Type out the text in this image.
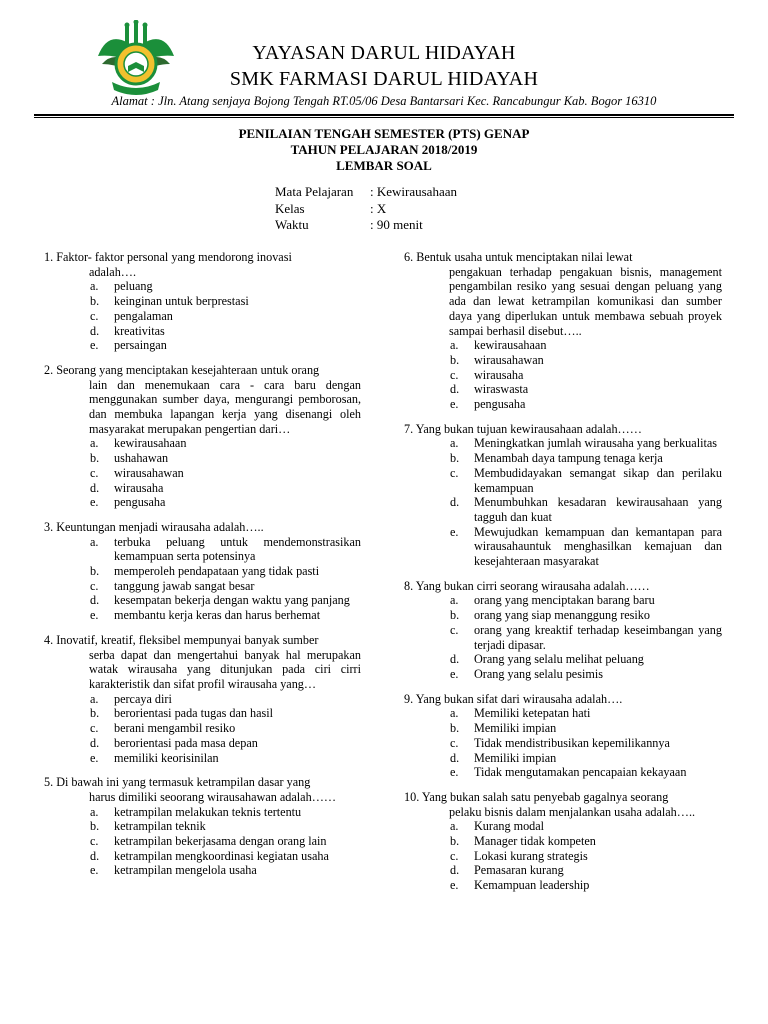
YAYASAN DARUL HIDAYAH
SMK FARMASI DARUL HIDAYAH
Alamat : Jln. Atang senjaya Bojong Tengah RT.05/06 Desa Bantarsari Kec. Rancabungur Kab. Bogor 16310
PENILAIAN TENGAH SEMESTER (PTS) GENAP
TAHUN PELAJARAN 2018/2019
LEMBAR SOAL
Mata Pelajaran	: Kewirausahaan
Kelas	: X
Waktu	: 90 menit
1. Faktor- faktor personal yang mendorong inovasi
adalah….
a.	peluang
b.	keinginan untuk berprestasi
c.	pengalaman
d.	kreativitas
e.	persaingan
2. Seorang yang menciptakan kesejahteraan untuk orang
lain dan menemukaan cara - cara baru dengan menggunakan sumber daya, mengurangi pemborosan, dan membuka lapangan kerja yang disenangi oleh masyarakat merupakan pengertian dari…
a.	kewirausahaan
b.	ushahawan
c.	wirausahawan
d.	wirausaha
e.	pengusaha
3. Keuntungan menjadi wirausaha adalah…..
a.	terbuka peluang untuk mendemonstrasikan kemampuan serta potensinya
b.	memperoleh pendapataan yang tidak pasti
c.	tanggung jawab sangat besar
d.	kesempatan bekerja dengan waktu yang panjang
e.	membantu kerja keras dan harus berhemat
4. Inovatif, kreatif, fleksibel mempunyai banyak sumber
serba dapat dan mengertahui banyak hal merupakan watak wirausaha yang ditunjukan pada ciri cirri karakteristik dan sifat profil wirausaha yang…
a.	percaya diri
b.	berorientasi pada tugas dan hasil
c.	berani mengambil resiko
d.	berorientasi pada masa depan
e.	memiliki keorisinilan
5. Di bawah ini yang termasuk ketrampilan dasar yang
harus dimiliki seoorang wirausahawan adalah……
a.	ketrampilan melakukan teknis tertentu
b.	ketrampilan teknik
c.	ketrampilan bekerjasama dengan orang lain
d.	ketrampilan mengkoordinasi kegiatan usaha
e.	ketrampilan mengelola usaha
6. Bentuk usaha untuk menciptakan nilai lewat
pengakuan terhadap pengakuan bisnis, management pengambilan resiko yang sesuai dengan peluang yang ada dan lewat ketrampilan komunikasi dan sumber daya yang diperlukan untuk membawa sebuah proyek sampai berhasil disebut…..
a.	kewirausahaan
b.	wirausahawan
c.	wirausaha
d.	wiraswasta
e.	pengusaha
7. Yang bukan tujuan kewirausahaan adalah……
a.	Meningkatkan jumlah wirausaha yang berkualitas
b.	Menambah daya tampung tenaga kerja
c.	Membudidayakan semangat sikap dan perilaku kemampuan
d.	Menumbuhkan kesadaran kewirausahaan yang tagguh dan kuat
e.	Mewujudkan kemampuan dan kemantapan para wirausahauntuk menghasilkan kemajuan dan kesejahteraan masyarakat
8. Yang bukan cirri seorang wirausaha adalah……
a.	orang yang menciptakan barang baru
b.	orang yang siap menanggung resiko
c.	orang yang kreaktif terhadap keseimbangan yang terjadi dipasar.
d.	Orang yang selalu melihat peluang
e.	Orang yang selalu pesimis
9. Yang bukan sifat dari wirausaha adalah….
a.	Memiliki ketepatan hati
b.	Memiliki impian
c.	Tidak mendistribusikan kepemilikannya
d.	Memiliki impian
e.	Tidak mengutamakan pencapaian kekayaan
10. Yang bukan salah satu penyebab gagalnya seorang
pelaku bisnis dalam menjalankan usaha adalah…..
a.	Kurang modal
b.	Manager tidak kompeten
c.	Lokasi kurang strategis
d.	Pemasaran kurang
e.	Kemampuan leadership
